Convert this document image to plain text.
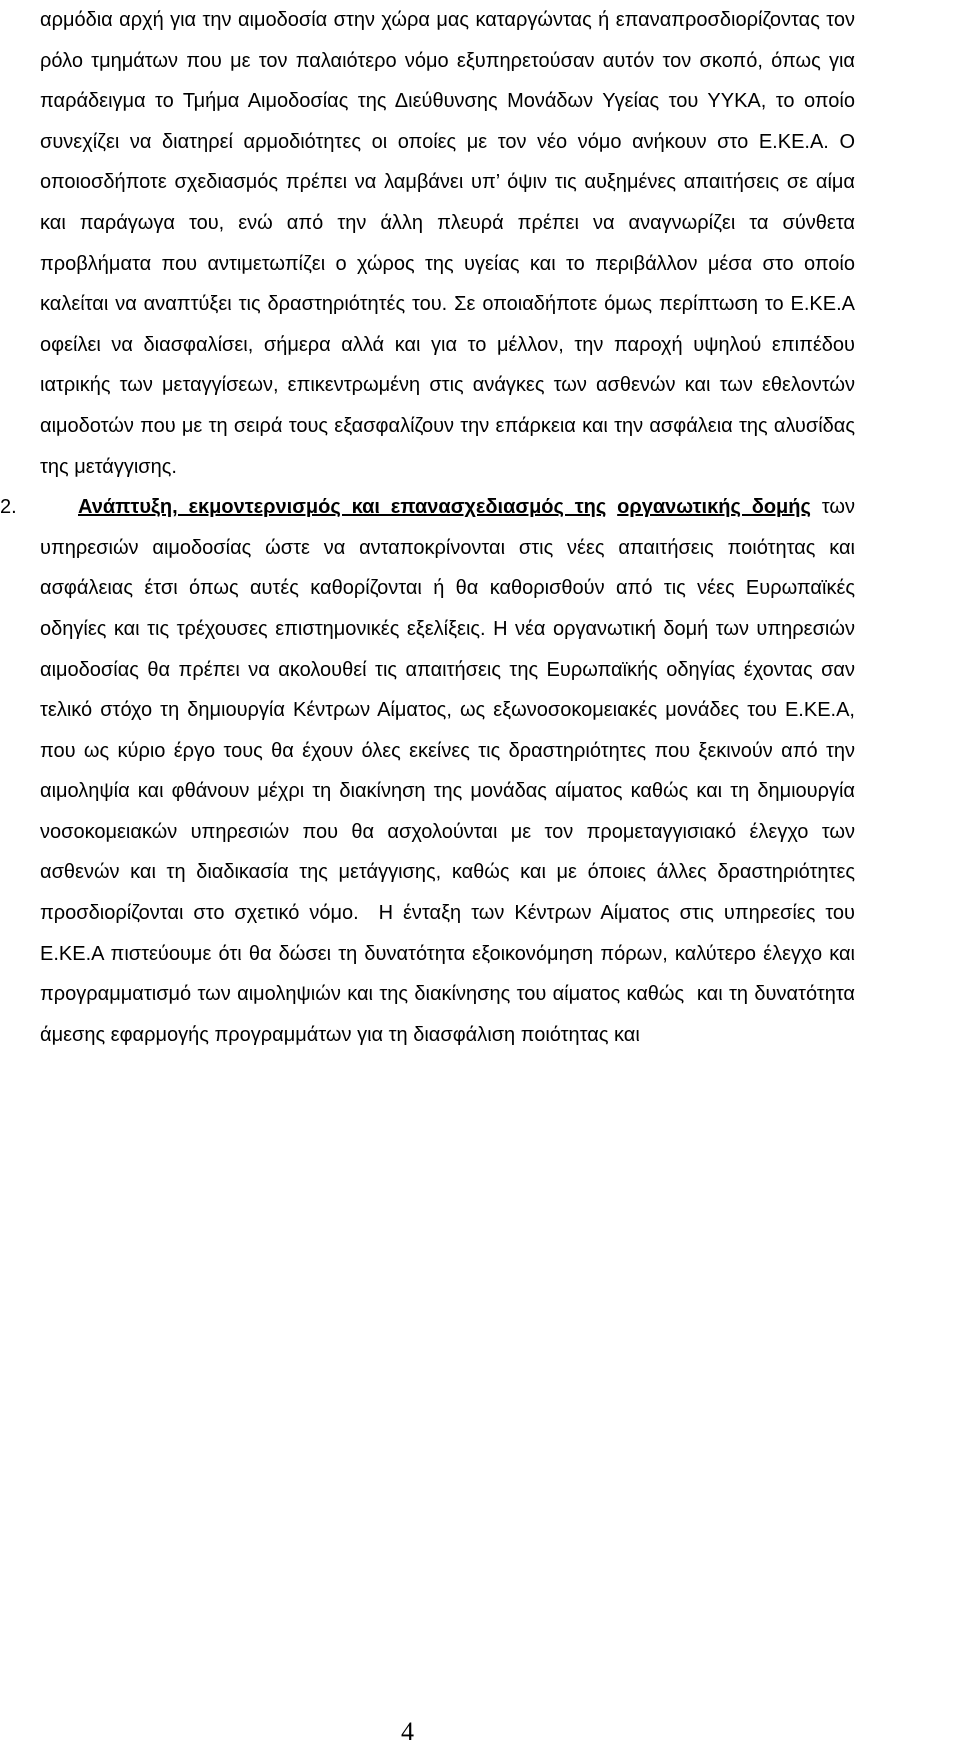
αρμόδια αρχή για την αιμοδοσία στην χώρα μας καταργώντας ή επαναπροσδιορίζοντας τον ρόλο τμημάτων που με τον παλαιότερο νόμο εξυπηρετούσαν αυτόν τον σκοπό, όπως για παράδειγμα το Τμήμα Αιμοδοσίας της Διεύθυνσης Μονάδων Υγείας του ΥΥΚΑ, το οποίο συνεχίζει να διατηρεί αρμοδιότητες οι οποίες με τον νέο νόμο ανήκουν στο Ε.ΚΕ.Α. Ο οποιοσδήποτε σχεδιασμός πρέπει να λαμβάνει υπ’ όψιν τις αυξημένες απαιτήσεις σε αίμα και παράγωγα του, ενώ από την άλλη πλευρά πρέπει να αναγνωρίζει τα σύνθετα προβλήματα που αντιμετωπίζει ο χώρος της υγείας και το περιβάλλον μέσα στο οποίο καλείται να αναπτύξει τις δραστηριότητές του. Σε οποιαδήποτε όμως περίπτωση το Ε.ΚΕ.Α οφείλει να διασφαλίσει, σήμερα αλλά και για το μέλλον, την παροχή υψηλού επιπέδου ιατρικής των μεταγγίσεων, επικεντρωμένη στις ανάγκες των ασθενών και των εθελοντών αιμοδοτών που με τη σειρά τους εξασφαλίζουν την επάρκεια και την ασφάλεια της αλυσίδας της μετάγγισης.

2.	Ανάπτυξη, εκμοντερνισμός και επανασχεδιασμός της οργανωτικής δομής των υπηρεσιών αιμοδοσίας ώστε να ανταποκρίνονται στις νέες απαιτήσεις ποιότητας και ασφάλειας έτσι όπως αυτές καθορίζονται ή θα καθορισθούν από τις νέες Ευρωπαϊκές οδηγίες και τις τρέχουσες επιστημονικές εξελίξεις. Η νέα οργανωτική δομή των υπηρεσιών αιμοδοσίας θα πρέπει να ακολουθεί τις απαιτήσεις της Ευρωπαϊκής οδηγίας έχοντας σαν τελικό στόχο τη δημιουργία Κέντρων Αίματος, ως εξωνοσοκομειακές μονάδες του Ε.ΚΕ.Α,    που ως κύριο έργο τους θα έχουν όλες εκείνες τις δραστηριότητες που ξεκινούν από την αιμοληψία και φθάνουν μέχρι τη διακίνηση της μονάδας αίματος καθώς και τη δημιουργία νοσοκομειακών υπηρεσιών που θα ασχολούνται με τον προμεταγγισιακό έλεγχο των ασθενών και τη διαδικασία της μετάγγισης, καθώς και με όποιες άλλες δραστηριότητες προσδιορίζονται στο σχετικό νόμο.  Η ένταξη των Κέντρων Αίματος στις υπηρεσίες του Ε.ΚΕ.Α πιστεύουμε ότι θα δώσει τη δυνατότητα εξοικονόμηση πόρων, καλύτερο έλεγχο και προγραμματισμό των αιμοληψιών και της διακίνησης του αίματος καθώς  και τη δυνατότητα άμεσης εφαρμογής προγραμμάτων για τη διασφάλιση ποιότητας και

4
